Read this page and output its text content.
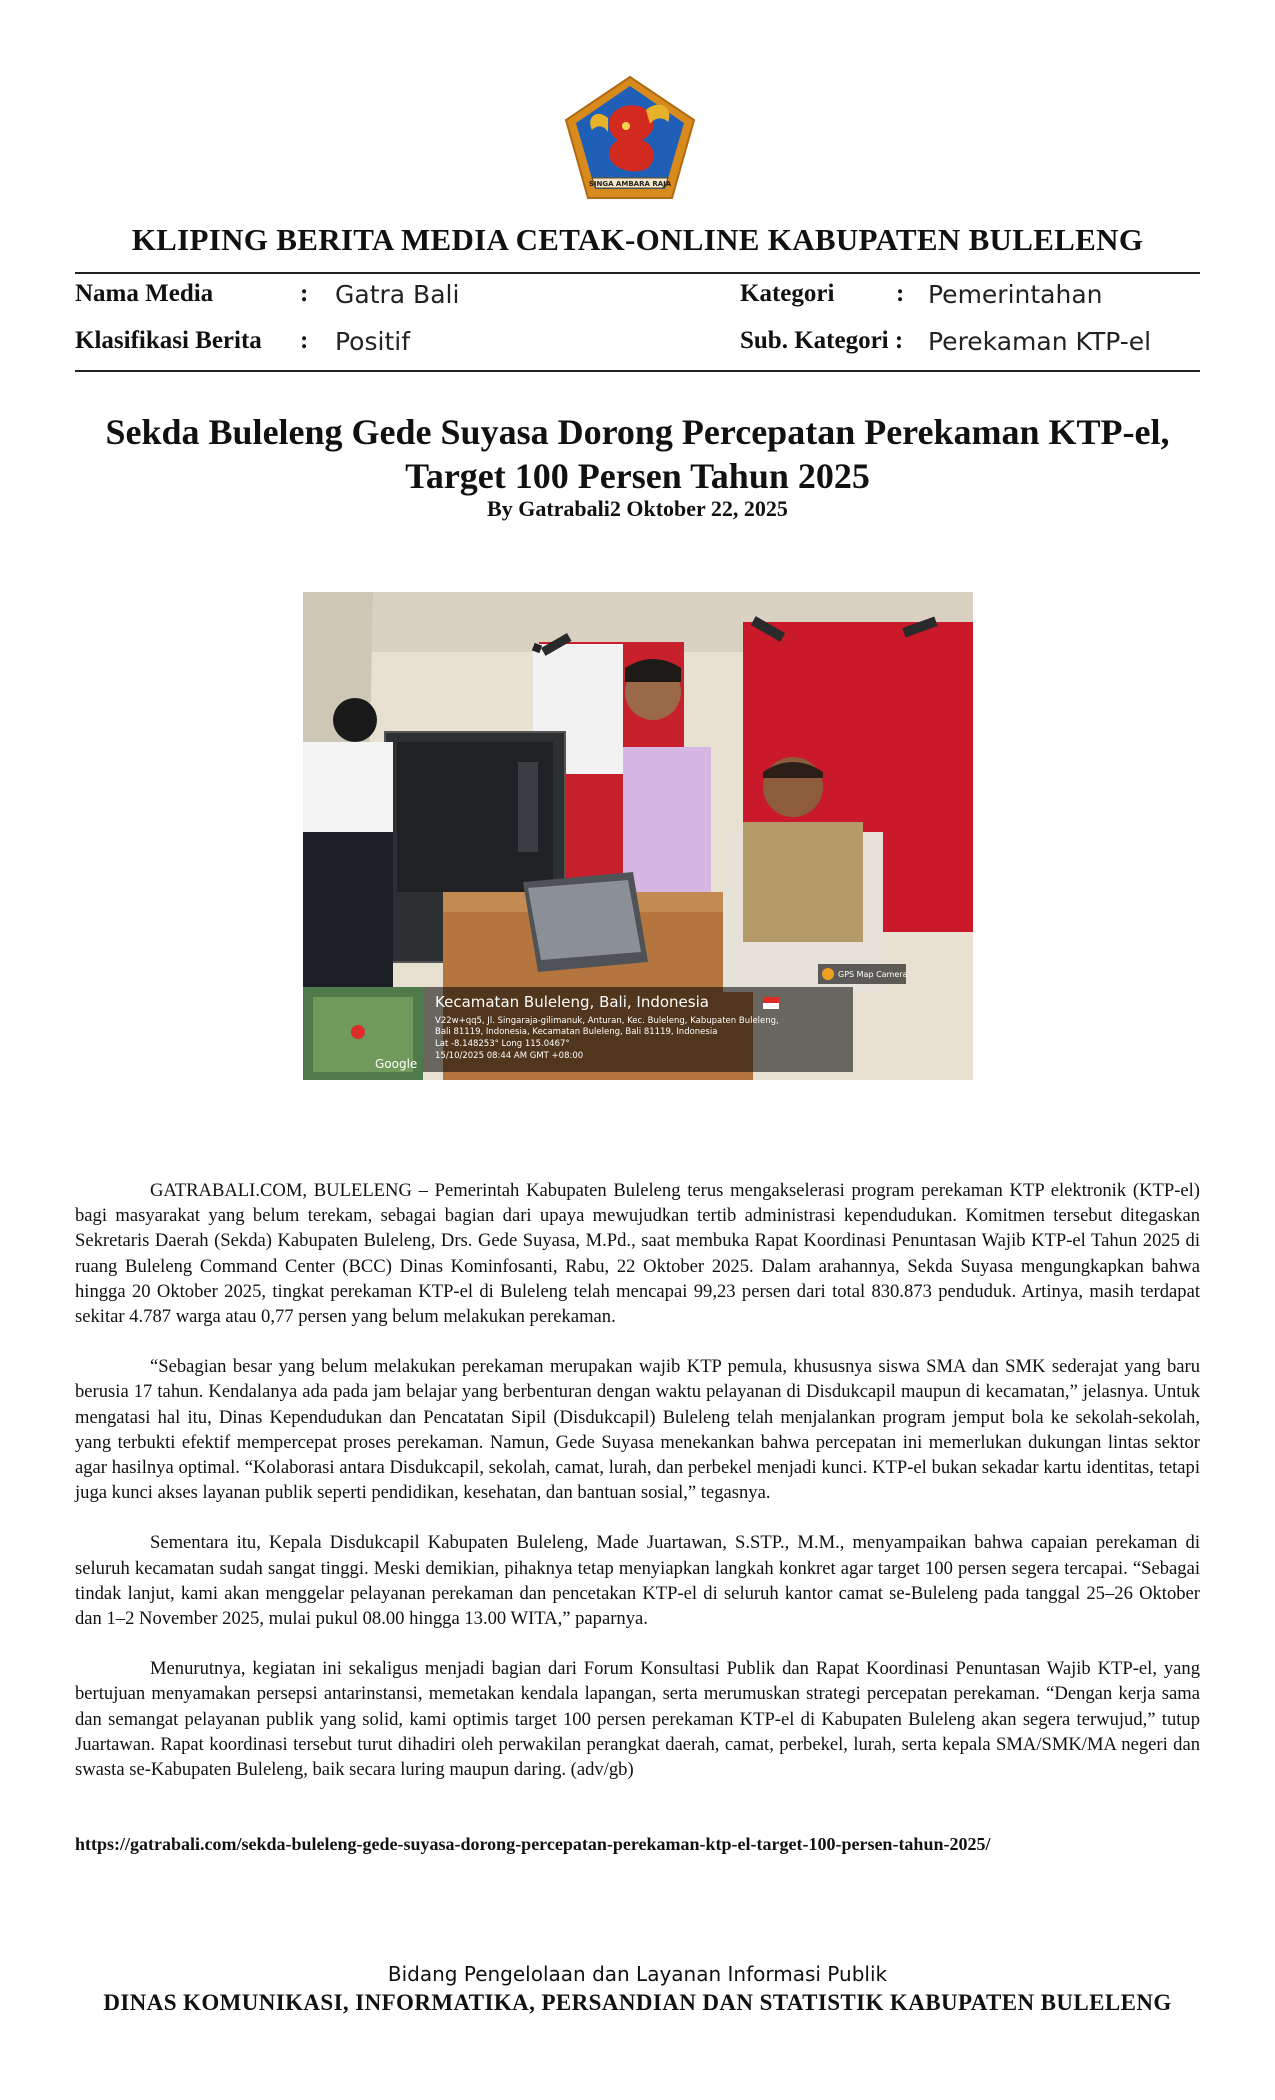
SINGA AMBARA RAJA
KLIPING BERITA MEDIA CETAK-ONLINE KABUPATEN BULELENG
Nama Media	: Gatra Bali	Kategori : Pemerintahan
Klasifikasi Berita : Positif	Sub. Kategori : Perekaman KTP-el
Sekda Buleleng Gede Suyasa Dorong Percepatan Perekaman KTP-el,
Target 100 Persen Tahun 2025
By Gatrabali2 Oktober 22, 2025
Google
Kecamatan Buleleng, Bali, Indonesia
V22w+qq5, Jl. Singaraja-gilimanuk, Anturan, Kec. Buleleng, Kabupaten Buleleng,
Bali 81119, Indonesia, Kecamatan Buleleng, Bali 81119, Indonesia
Lat -8.148253° Long 115.0467°
15/10/2025 08:44 AM GMT +08:00
GPS Map Camera

GATRABALI.COM, BULELENG – Pemerintah Kabupaten Buleleng terus mengakselerasi program perekaman KTP elektronik (KTP-el) bagi masyarakat yang belum terekam, sebagai bagian dari upaya mewujudkan tertib administrasi kependudukan. Komitmen tersebut ditegaskan Sekretaris Daerah (Sekda) Kabupaten Buleleng, Drs. Gede Suyasa, M.Pd., saat membuka Rapat Koordinasi Penuntasan Wajib KTP-el Tahun 2025 di ruang Buleleng Command Center (BCC) Dinas Kominfosanti, Rabu, 22 Oktober 2025. Dalam arahannya, Sekda Suyasa mengungkapkan bahwa hingga 20 Oktober 2025, tingkat perekaman KTP-el di Buleleng telah mencapai 99,23 persen dari total 830.873 penduduk. Artinya, masih terdapat sekitar 4.787 warga atau 0,77 persen yang belum melakukan perekaman.

“Sebagian besar yang belum melakukan perekaman merupakan wajib KTP pemula, khususnya siswa SMA dan SMK sederajat yang baru berusia 17 tahun. Kendalanya ada pada jam belajar yang berbenturan dengan waktu pelayanan di Disdukcapil maupun di kecamatan,” jelasnya. Untuk mengatasi hal itu, Dinas Kependudukan dan Pencatatan Sipil (Disdukcapil) Buleleng telah menjalankan program jemput bola ke sekolah-sekolah, yang terbukti efektif mempercepat proses perekaman. Namun, Gede Suyasa menekankan bahwa percepatan ini memerlukan dukungan lintas sektor agar hasilnya optimal. “Kolaborasi antara Disdukcapil, sekolah, camat, lurah, dan perbekel menjadi kunci. KTP-el bukan sekadar kartu identitas, tetapi juga kunci akses layanan publik seperti pendidikan, kesehatan, dan bantuan sosial,” tegasnya.

Sementara itu, Kepala Disdukcapil Kabupaten Buleleng, Made Juartawan, S.STP., M.M., menyampaikan bahwa capaian perekaman di seluruh kecamatan sudah sangat tinggi. Meski demikian, pihaknya tetap menyiapkan langkah konkret agar target 100 persen segera tercapai. “Sebagai tindak lanjut, kami akan menggelar pelayanan perekaman dan pencetakan KTP-el di seluruh kantor camat se-Buleleng pada tanggal 25–26 Oktober dan 1–2 November 2025, mulai pukul 08.00 hingga 13.00 WITA,” paparnya.

Menurutnya, kegiatan ini sekaligus menjadi bagian dari Forum Konsultasi Publik dan Rapat Koordinasi Penuntasan Wajib KTP-el, yang bertujuan menyamakan persepsi antarinstansi, memetakan kendala lapangan, serta merumuskan strategi percepatan perekaman. “Dengan kerja sama dan semangat pelayanan publik yang solid, kami optimis target 100 persen perekaman KTP-el di Kabupaten Buleleng akan segera terwujud,” tutup Juartawan. Rapat koordinasi tersebut turut dihadiri oleh perwakilan perangkat daerah, camat, perbekel, lurah, serta kepala SMA/SMK/MA negeri dan swasta se-Kabupaten Buleleng, baik secara luring maupun daring. (adv/gb)

https://gatrabali.com/sekda-buleleng-gede-suyasa-dorong-percepatan-perekaman-ktp-el-target-100-persen-tahun-2025/
Bidang Pengelolaan dan Layanan Informasi Publik
DINAS KOMUNIKASI, INFORMATIKA, PERSANDIAN DAN STATISTIK KABUPATEN BULELENG
